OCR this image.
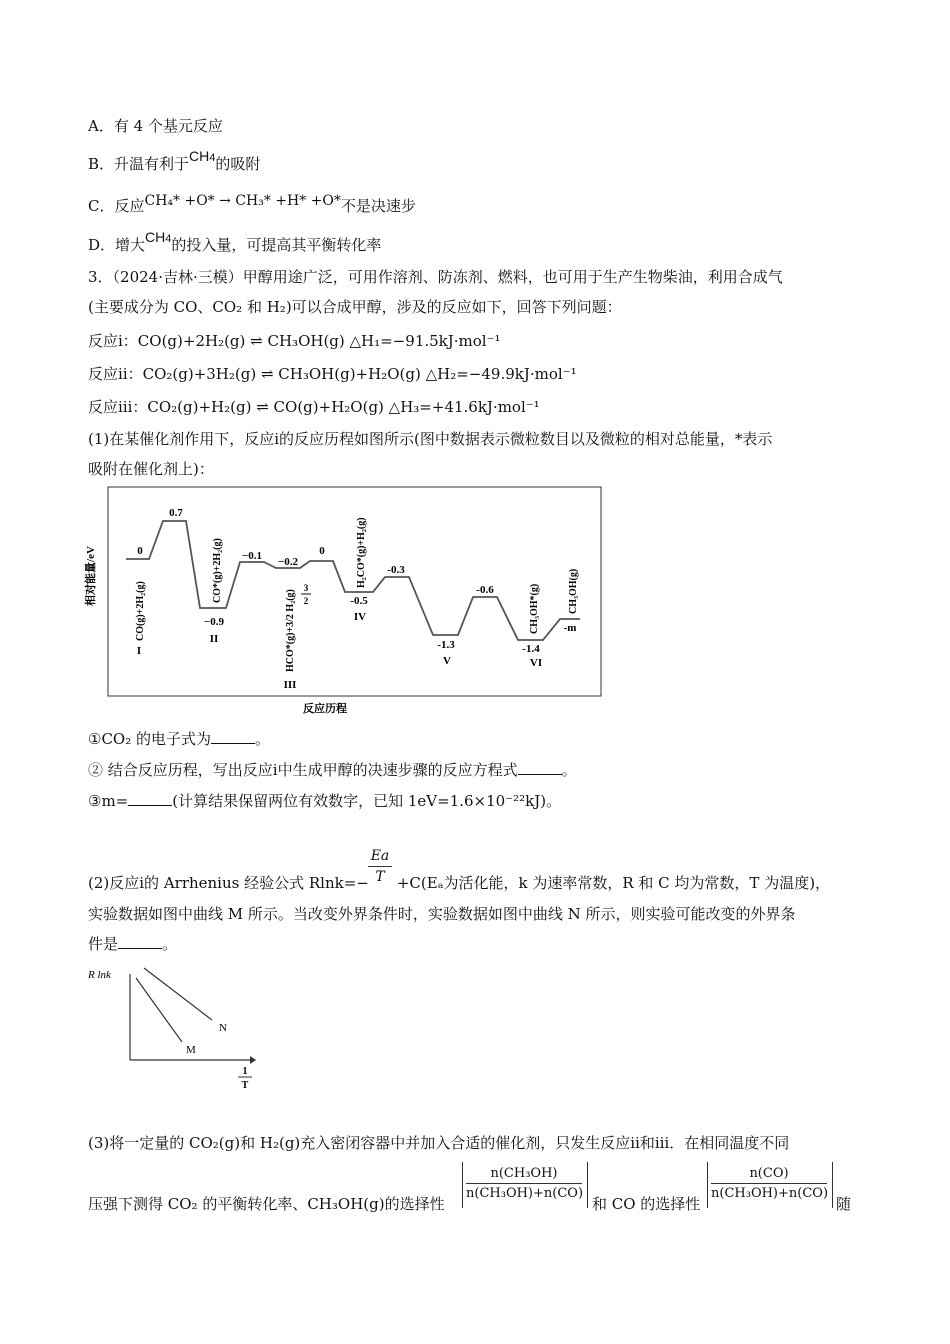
A．有 4 个基元反应
B．升温有利于CH4的吸附
C．反应CH₄* +O* → CH₃* +H* +O*不是决速步
D．增大CH4的投入量，可提高其平衡转化率
3．（2024·吉林·三模）甲醇用途广泛，可用作溶剂、防冻剂、燃料，也可用于生产生物柴油，利用合成气
(主要成分为 CO、CO₂ 和 H₂)可以合成甲醇，涉及的反应如下，回答下列问题：
反应ⅰ：CO(g)+2H₂(g) ⇌ CH₃OH(g) △H₁=−91.5kJ·mol⁻¹
反应ⅱ：CO₂(g)+3H₂(g) ⇌ CH₃OH(g)+H₂O(g) △H₂=−49.9kJ·mol⁻¹
反应ⅲ：CO₂(g)+H₂(g) ⇌ CO(g)+H₂O(g) △H₃=+41.6kJ·mol⁻¹
(1)在某催化剂作用下，反应ⅰ的反应历程如图所示(图中数据表示微粒数目以及微粒的相对总能量，*表示
吸附在催化剂上)：
相对能量/eV
反应历程
0
0.7
−0.9
−0.1 −0.2
0
-0.5
-0.3
-1.3
-0.6
-1.4
-m
CO(g)+2H₂(g)
CO*(g)+2H₂(g)
HCO*(g)+3/2 H₂(g)
3
2
H₂CO*(g)+H₂(g)
CH₃OH*(g)	CH₃OH(g)
I
II
III
IV
V	VI
①CO₂ 的电子式为	。
② 结合反应历程，写出反应ⅰ中生成甲醇的决速步骤的反应方程式	。
③m=	(计算结果保留两位有效数字，已知 1eV=1.6×10⁻²²kJ)。
Ea
T
(2)反应ⅰ的 Arrhenius 经验公式 Rlnk=− +C(Eₐ为活化能，k 为速率常数，R 和 C 均为常数，T 为温度)，
实验数据如图中曲线 M 所示。当改变外界条件时，实验数据如图中曲线 N 所示，则实验可能改变的外界条
件是	。
R lnk
M
N
1
T
(3)将一定量的 CO₂(g)和 H₂(g)充入密闭容器中并加入合适的催化剂，只发生反应ⅱ和ⅲ．在相同温度不同
n(CH₃OH)
n(CH₃OH)+n(CO)
n(CO)
n(CH₃OH)+n(CO)
压强下测得 CO₂ 的平衡转化率、CH₃OH(g)的选择性	和 CO 的选择性	随
